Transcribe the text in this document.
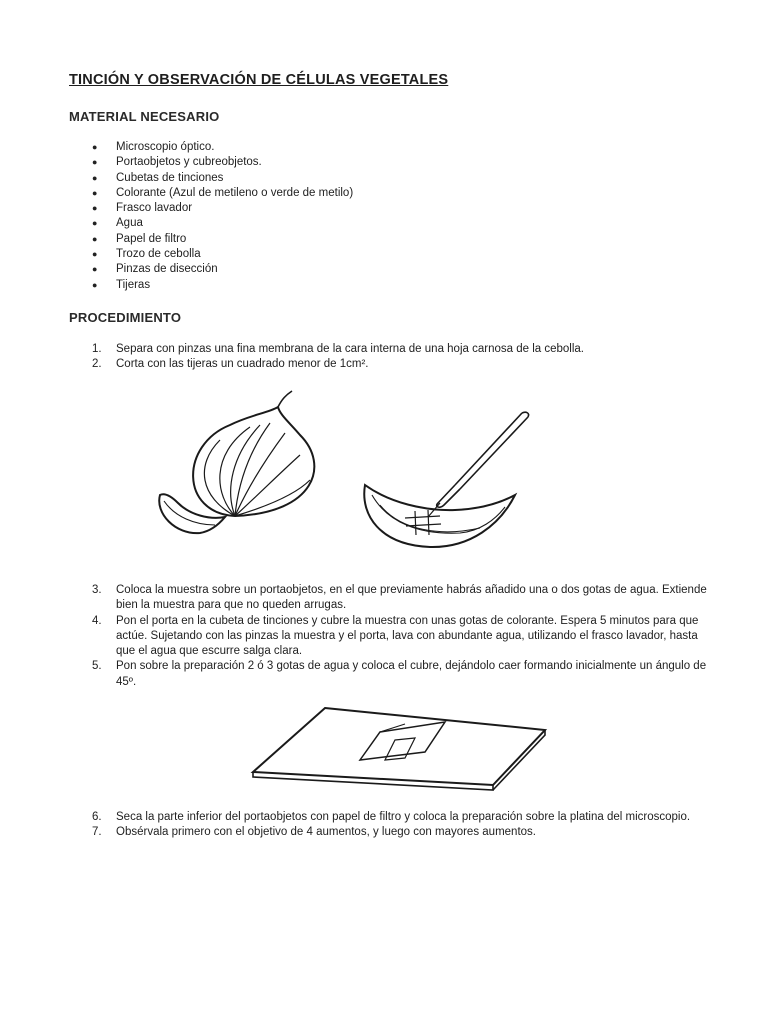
TINCIÓN Y OBSERVACIÓN DE CÉLULAS VEGETALES
MATERIAL NECESARIO
● Microscopio óptico.
● Portaobjetos y cubreobjetos.
● Cubetas de tinciones
● Colorante (Azul de metileno o verde de metilo)
● Frasco lavador
● Agua
● Papel de filtro
● Trozo de cebolla
● Pinzas de disección
● Tijeras
PROCEDIMIENTO
1. Separa con pinzas una fina membrana de la cara interna de una hoja carnosa de la cebolla.
2. Corta con las tijeras un cuadrado menor de 1cm².
3. Coloca la muestra sobre un portaobjetos, en el que previamente habrás añadido una o dos gotas de agua. Extiende bien la muestra para que no queden arrugas.
4. Pon el porta en la cubeta de tinciones y cubre la muestra con unas gotas de colorante. Espera 5 minutos para que actúe. Sujetando con las pinzas la muestra y el porta, lava con abundante agua, utilizando el frasco lavador, hasta que el agua que escurre salga clara.
5. Pon sobre la preparación 2 ó 3 gotas de agua y coloca el cubre, dejándolo caer formando inicialmente un ángulo de 45º.
6. Seca la parte inferior del portaobjetos con papel de filtro y coloca la preparación sobre la platina del microscopio.
7. Obsérvala primero con el objetivo de 4 aumentos, y luego con mayores aumentos.
